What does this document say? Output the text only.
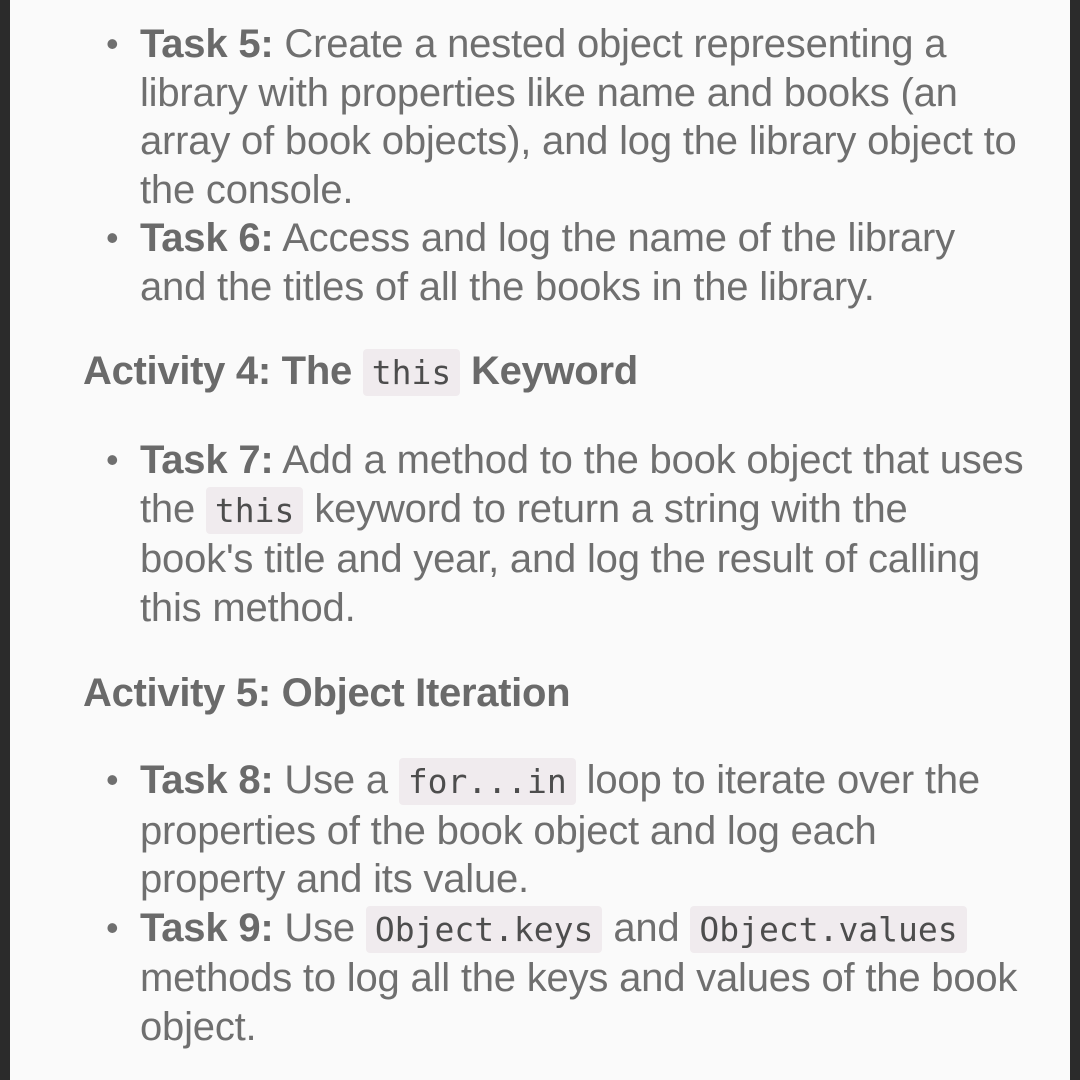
• Task 5: Create a nested object representing a library with properties like name and books (an array of book objects), and log the library object to the console.
• Task 6: Access and log the name of the library and the titles of all the books in the library.
Activity 4: The this Keyword
• Task 7: Add a method to the book object that uses the this keyword to return a string with the book's title and year, and log the result of calling this method.
Activity 5: Object Iteration
• Task 8: Use a for...in loop to iterate over the properties of the book object and log each property and its value.
• Task 9: Use Object.keys and Object.values methods to log all the keys and values of the book object.
